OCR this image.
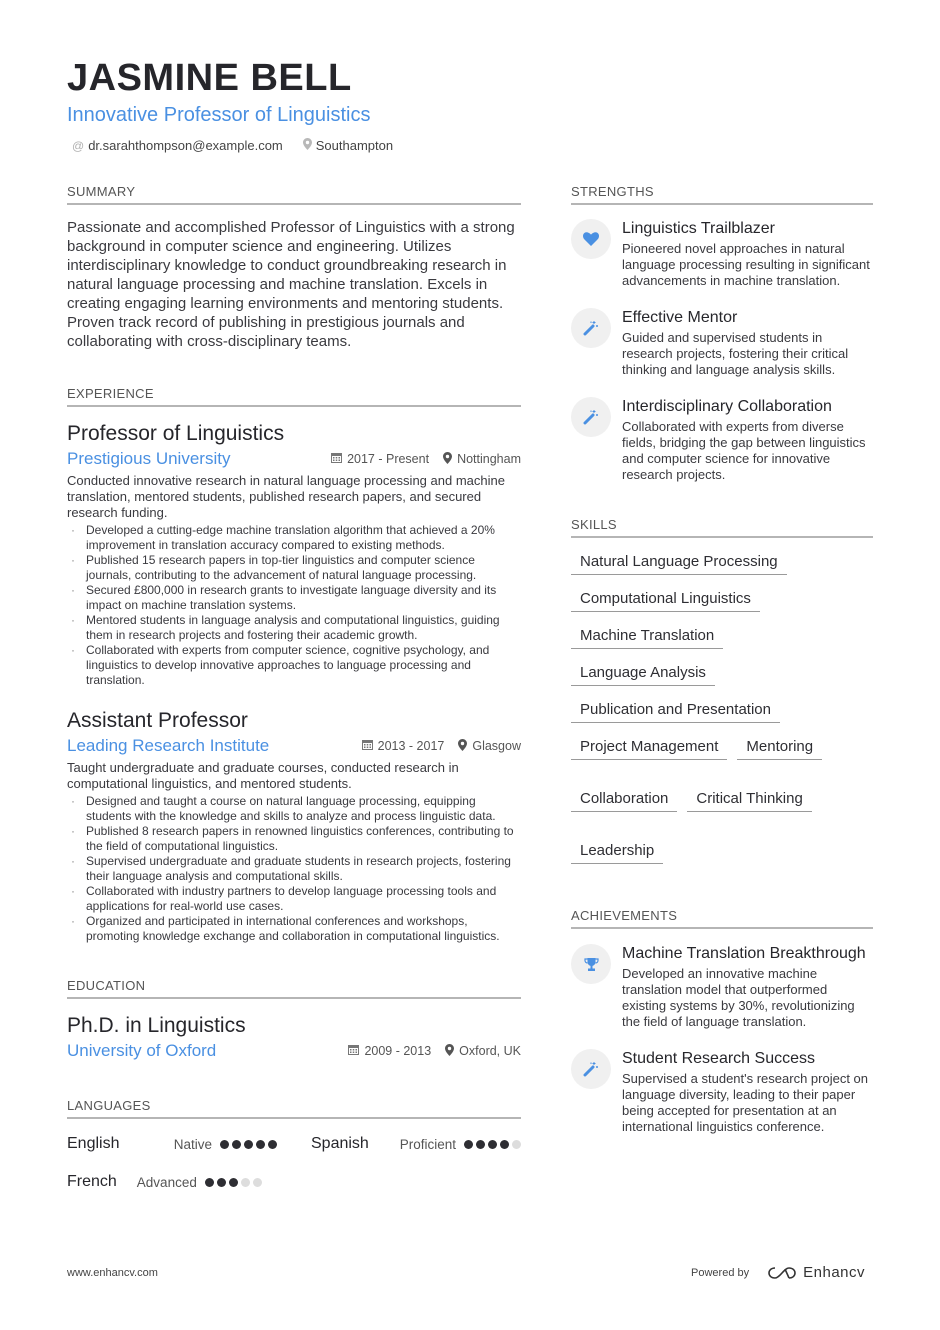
JASMINE BELL
Innovative Professor of Linguistics
@ dr.sarahthompson@example.com	Southampton
SUMMARY
Passionate and accomplished Professor of Linguistics with a strong background in computer science and engineering. Utilizes interdisciplinary knowledge to conduct groundbreaking research in natural language processing and machine translation. Excels in creating engaging learning environments and mentoring students. Proven track record of publishing in prestigious journals and collaborating with cross-disciplinary teams.
EXPERIENCE
Professor of Linguistics
Prestigious University	2017 - Present Nottingham
Conducted innovative research in natural language processing and machine translation, mentored students, published research papers, and secured research funding.
· Developed a cutting-edge machine translation algorithm that achieved a 20% improvement in translation accuracy compared to existing methods.
· Published 15 research papers in top-tier linguistics and computer science journals, contributing to the advancement of natural language processing.
· Secured £800,000 in research grants to investigate language diversity and its impact on machine translation systems.
· Mentored students in language analysis and computational linguistics, guiding them in research projects and fostering their academic growth.
· Collaborated with experts from computer science, cognitive psychology, and linguistics to develop innovative approaches to language processing and translation.
Assistant Professor
Leading Research Institute	2013 - 2017 Glasgow
Taught undergraduate and graduate courses, conducted research in computational linguistics, and mentored students.
· Designed and taught a course on natural language processing, equipping students with the knowledge and skills to analyze and process linguistic data.
· Published 8 research papers in renowned linguistics conferences, contributing to the field of computational linguistics.
· Supervised undergraduate and graduate students in research projects, fostering their language analysis and computational skills.
· Collaborated with industry partners to develop language processing tools and applications for real-world use cases.
· Organized and participated in international conferences and workshops, promoting knowledge exchange and collaboration in computational linguistics.
EDUCATION
Ph.D. in Linguistics
University of Oxford	2009 - 2013 Oxford, UK
LANGUAGES
English	Native	Spanish Proficient
French Advanced
STRENGTHS
Linguistics Trailblazer
Pioneered novel approaches in natural language processing resulting in significant advancements in machine translation.
Effective Mentor
Guided and supervised students in research projects, fostering their critical thinking and language analysis skills.
Interdisciplinary Collaboration
Collaborated with experts from diverse fields, bridging the gap between linguistics and computer science for innovative research projects.
SKILLS
Natural Language Processing
Computational Linguistics
Machine Translation
Language Analysis
Publication and Presentation
Project Management	Mentoring
Collaboration	Critical Thinking
Leadership
ACHIEVEMENTS
Machine Translation Breakthrough
Developed an innovative machine translation model that outperformed existing systems by 30%, revolutionizing the field of language translation.
Student Research Success
Supervised a student's research project on language diversity, leading to their paper being accepted for presentation at an international linguistics conference.
www.enhancv.com	Powered by	Enhancv
